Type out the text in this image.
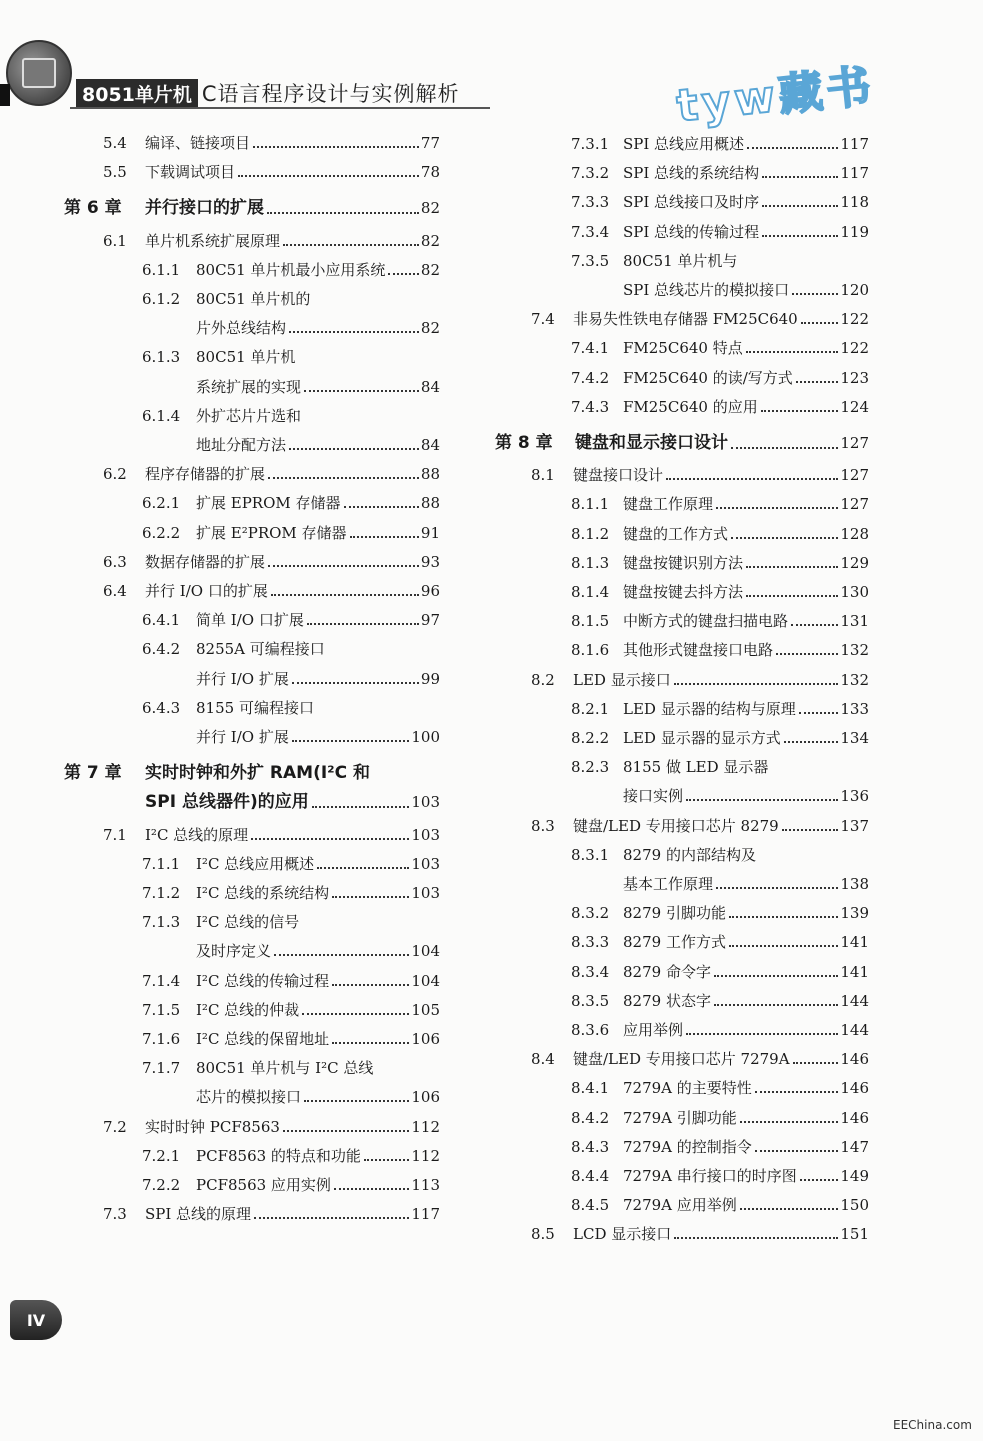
8051单片机 C语言程序设计与实例解析	tyw藏书
5.4 编译、链接项目	77
5.5 下载调试项目	78
第 6 章 并行接口的扩展	82
6.1 单片机系统扩展原理	82
6.1.1 80C51 单片机最小应用系统 82
6.1.2 80C51 单片机的
片外总线结构	82
6.1.3 80C51 单片机
系统扩展的实现	84
6.1.4 外扩芯片片选和
地址分配方法	84
6.2 程序存储器的扩展	88
6.2.1 扩展 EPROM 存储器	88
6.2.2 扩展 E²PROM 存储器	91
6.3 数据存储器的扩展	93
6.4 并行 I/O 口的扩展	96
6.4.1 简单 I/O 口扩展	97
6.4.2 8255A 可编程接口
并行 I/O 扩展	99
6.4.3 8155 可编程接口
并行 I/O 扩展	100
第 7 章 实时时钟和外扩 RAM(I²C 和
SPI 总线器件)的应用	103
7.1 I²C 总线的原理	103
7.1.1 I²C 总线应用概述	103
7.1.2 I²C 总线的系统结构	103
7.1.3 I²C 总线的信号
及时序定义	104
7.1.4 I²C 总线的传输过程	104
7.1.5 I²C 总线的仲裁	105
7.1.6 I²C 总线的保留地址	106
7.1.7 80C51 单片机与 I²C 总线
芯片的模拟接口	106
7.2 实时时钟 PCF8563	112
7.2.1 PCF8563 的特点和功能	112
7.2.2 PCF8563 应用实例	113
7.3 SPI 总线的原理	117
7.3.1 SPI 总线应用概述	117
7.3.2 SPI 总线的系统结构	117
7.3.3 SPI 总线接口及时序	118
7.3.4 SPI 总线的传输过程	119
7.3.5 80C51 单片机与
SPI 总线芯片的模拟接口	120
7.4 非易失性铁电存储器 FM25C640	122
7.4.1 FM25C640 特点	122
7.4.2 FM25C640 的读/写方式	123
7.4.3 FM25C640 的应用	124
第 8 章 键盘和显示接口设计	127
8.1 键盘接口设计	127
8.1.1 键盘工作原理	127
8.1.2 键盘的工作方式	128
8.1.3 键盘按键识别方法	129
8.1.4 键盘按键去抖方法	130
8.1.5 中断方式的键盘扫描电路	131
8.1.6 其他形式键盘接口电路	132
8.2 LED 显示接口	132
8.2.1 LED 显示器的结构与原理	133
8.2.2 LED 显示器的显示方式	134
8.2.3 8155 做 LED 显示器
接口实例	136
8.3 键盘/LED 专用接口芯片 8279	137
8.3.1 8279 的内部结构及
基本工作原理	138
8.3.2 8279 引脚功能	139
8.3.3 8279 工作方式	141
8.3.4 8279 命令字	141
8.3.5 8279 状态字	144
8.3.6 应用举例	144
8.4 键盘/LED 专用接口芯片 7279A	146
8.4.1 7279A 的主要特性	146
8.4.2 7279A 引脚功能	146
8.4.3 7279A 的控制指令	147
8.4.4 7279A 串行接口的时序图	149
8.4.5 7279A 应用举例	150
8.5 LCD 显示接口	151
IV
EEChina.com
